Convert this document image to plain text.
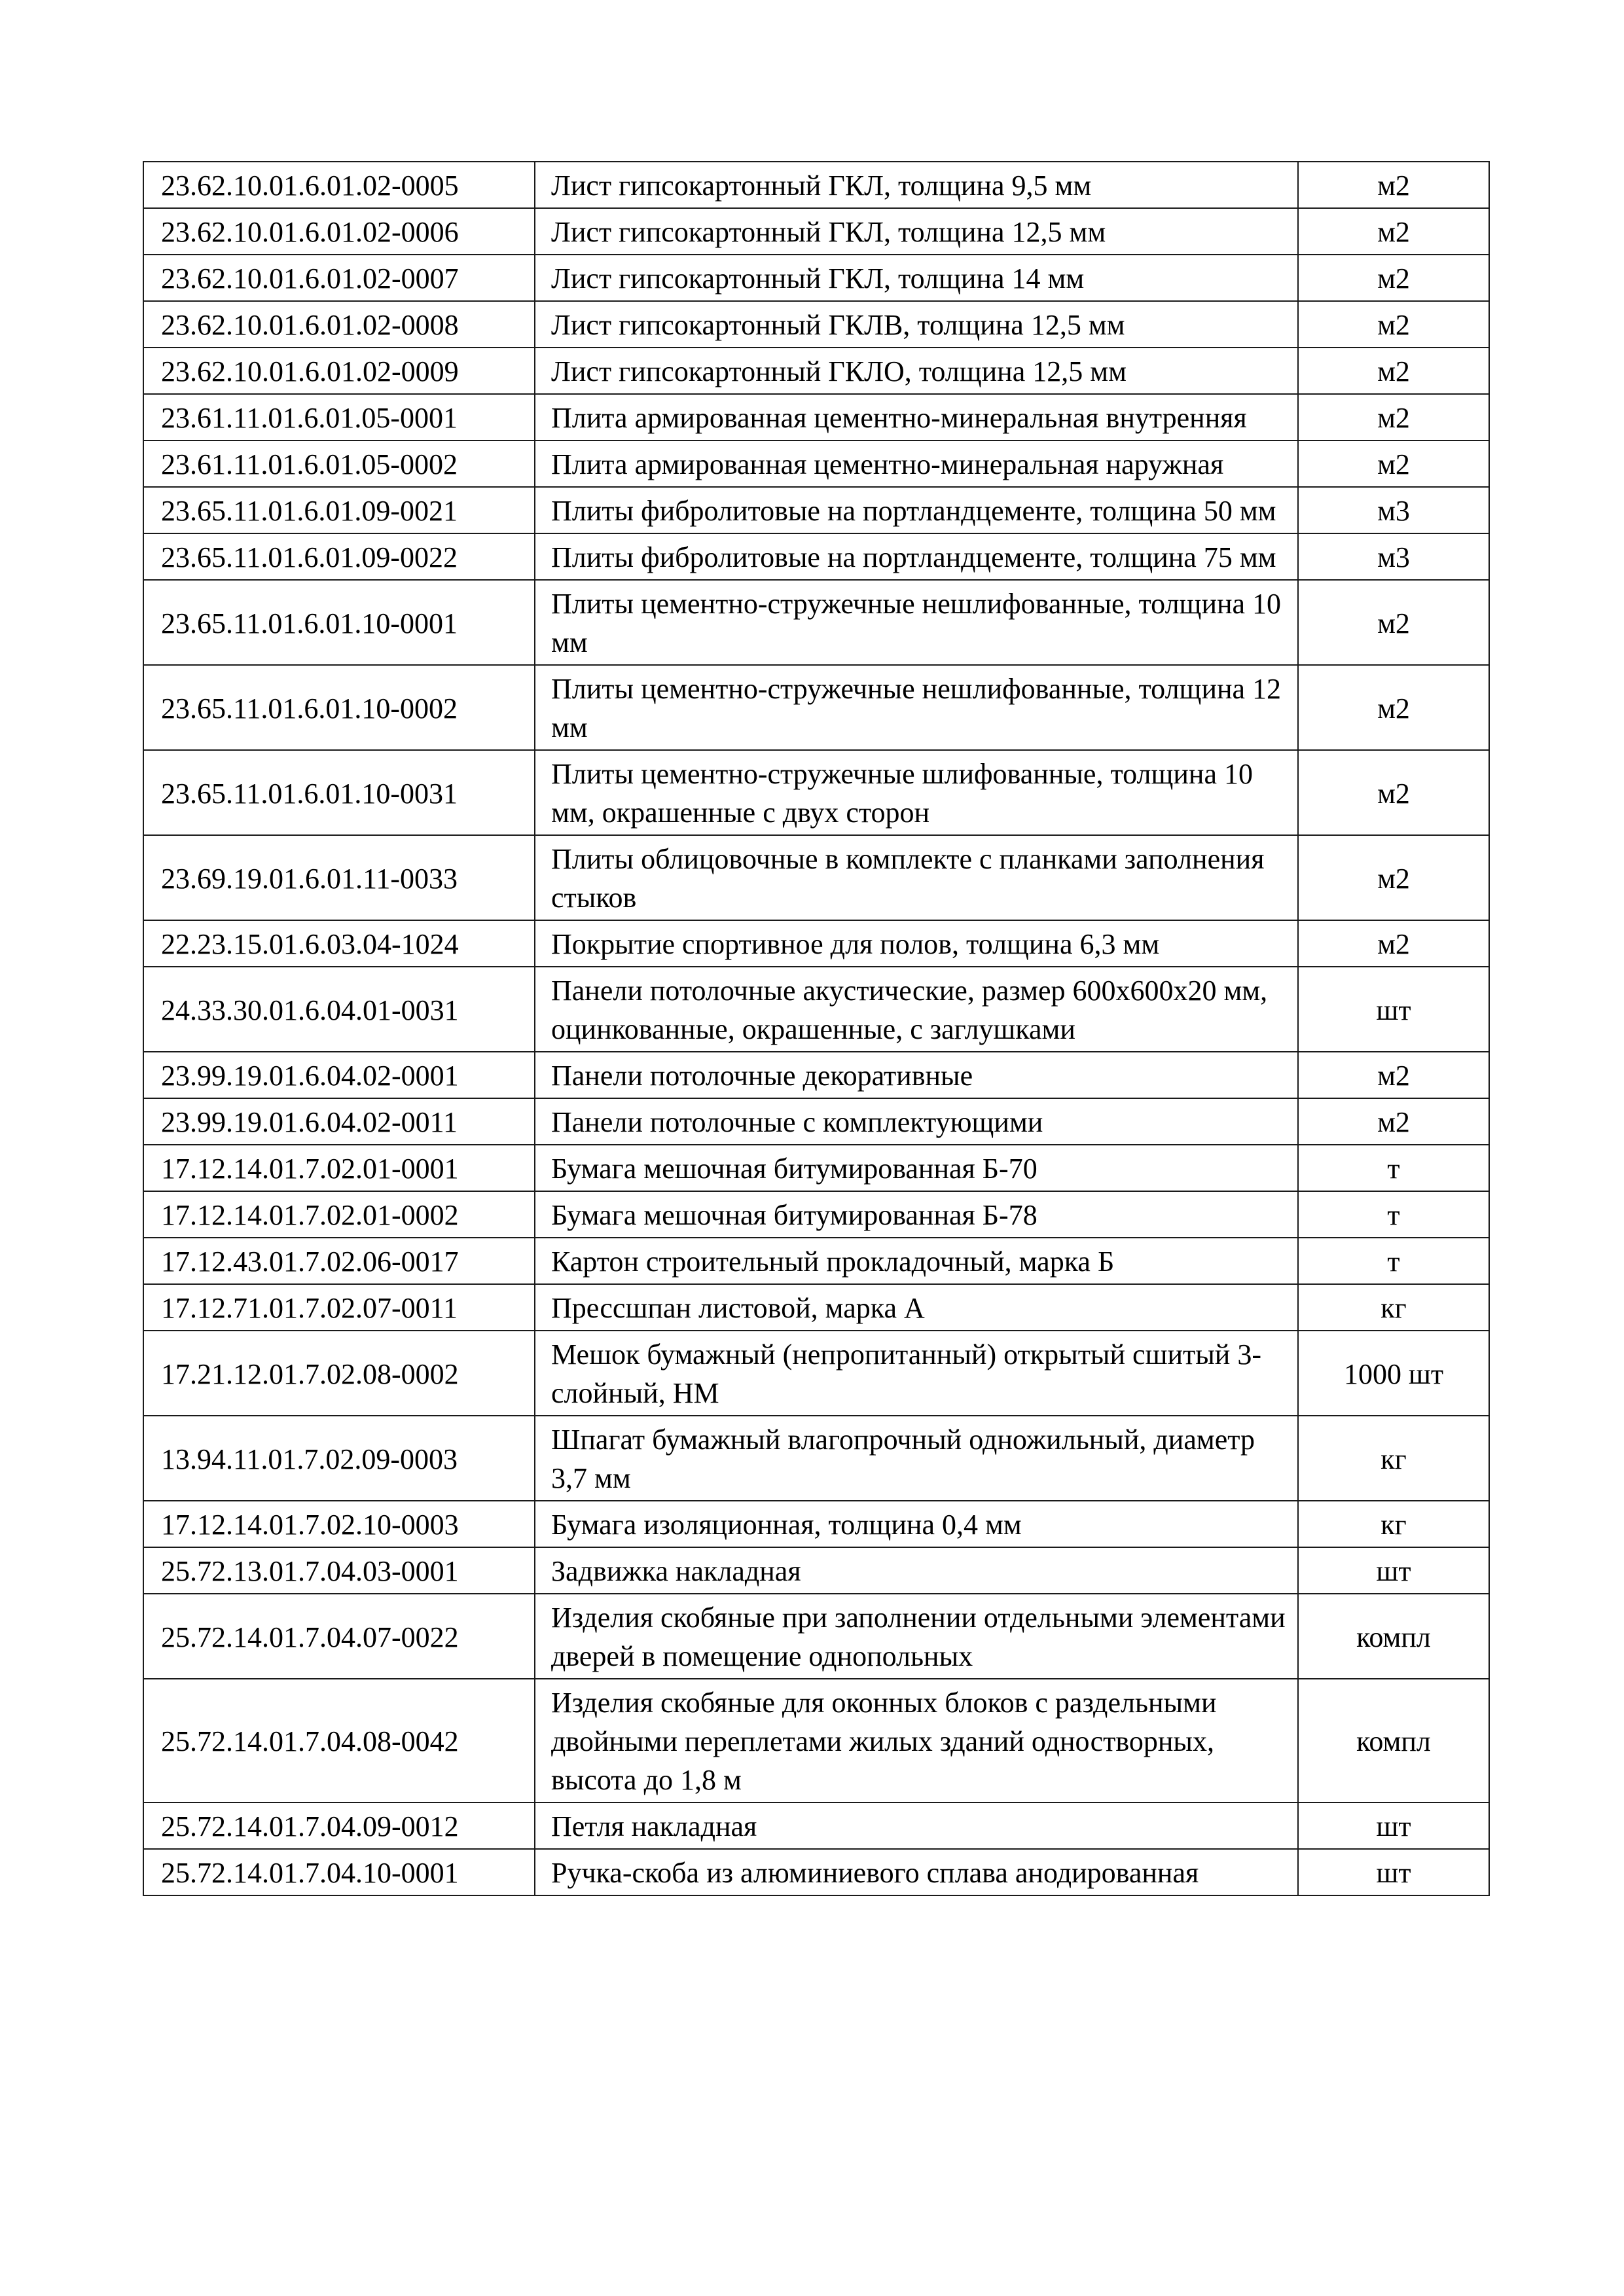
23.62.10.01.6.01.02-0005	Лист гипсокартонный ГКЛ, толщина 9,5 мм	м2
23.62.10.01.6.01.02-0006	Лист гипсокартонный ГКЛ, толщина 12,5 мм	м2
23.62.10.01.6.01.02-0007	Лист гипсокартонный ГКЛ, толщина 14 мм	м2
23.62.10.01.6.01.02-0008	Лист гипсокартонный ГКЛВ, толщина 12,5 мм	м2
23.62.10.01.6.01.02-0009	Лист гипсокартонный ГКЛО, толщина 12,5 мм	м2
23.61.11.01.6.01.05-0001	Плита армированная цементно-минеральная внутренняя	м2
23.61.11.01.6.01.05-0002	Плита армированная цементно-минеральная наружная	м2
23.65.11.01.6.01.09-0021	Плиты фибролитовые на портландцементе, толщина 50 мм	м3
23.65.11.01.6.01.09-0022	Плиты фибролитовые на портландцементе, толщина 75 мм	м3
23.65.11.01.6.01.10-0001	Плиты цементно-стружечные нешлифованные, толщина 10 мм	м2
23.65.11.01.6.01.10-0002	Плиты цементно-стружечные нешлифованные, толщина 12 мм	м2
23.65.11.01.6.01.10-0031	Плиты цементно-стружечные шлифованные, толщина 10 мм, окрашенные с двух сторон	м2
23.69.19.01.6.01.11-0033	Плиты облицовочные в комплекте с планками заполнения стыков	м2
22.23.15.01.6.03.04-1024	Покрытие спортивное для полов, толщина 6,3 мм	м2
24.33.30.01.6.04.01-0031	Панели потолочные акустические, размер 600х600х20 мм, оцинкованные, окрашенные, с заглушками	шт
23.99.19.01.6.04.02-0001	Панели потолочные декоративные	м2
23.99.19.01.6.04.02-0011	Панели потолочные с комплектующими	м2
17.12.14.01.7.02.01-0001	Бумага мешочная битумированная Б-70	т
17.12.14.01.7.02.01-0002	Бумага мешочная битумированная Б-78	т
17.12.43.01.7.02.06-0017	Картон строительный прокладочный, марка Б	т
17.12.71.01.7.02.07-0011	Прессшпан листовой, марка А	кг
17.21.12.01.7.02.08-0002	Мешок бумажный (непропитанный) открытый сшитый 3-слойный, НМ	1000 шт
13.94.11.01.7.02.09-0003	Шпагат бумажный влагопрочный одножильный, диаметр 3,7 мм	кг
17.12.14.01.7.02.10-0003	Бумага изоляционная, толщина 0,4 мм	кг
25.72.13.01.7.04.03-0001	Задвижка накладная	шт
25.72.14.01.7.04.07-0022	Изделия скобяные при заполнении отдельными элементами дверей в помещение однопольных	компл
25.72.14.01.7.04.08-0042	Изделия скобяные для оконных блоков с раздельными двойными переплетами жилых зданий одностворных, высота до 1,8 м	компл
25.72.14.01.7.04.09-0012	Петля накладная	шт
25.72.14.01.7.04.10-0001	Ручка-скоба из алюминиевого сплава анодированная	шт
